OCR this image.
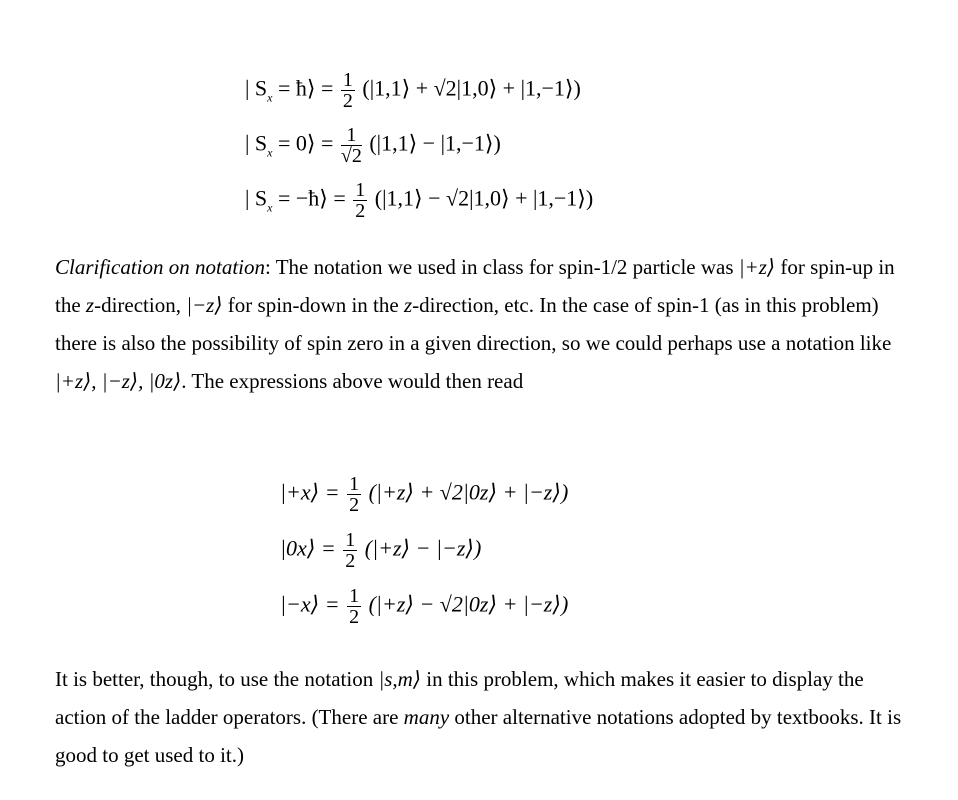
| $S_x$ = ħ⟩ = $\frac{1}{2}$ (|1,1⟩ + √2|1,0⟩ + |1,−1⟩)
| $S_x$ = 0⟩ = $\frac{1}{√2}$ (|1,1⟩ − |1,−1⟩)
| $S_x$ = −ħ⟩ = $\frac{1}{2}$ (|1,1⟩ − √2|1,0⟩ + |1,−1⟩)
Clarification on notation: The notation we used in class for spin-1/2 particle was |+z⟩ for spin-up in the z-direction, |−z⟩ for spin-down in the z-direction, etc. In the case of spin-1 (as in this problem) there is also the possibility of spin zero in a given direction, so we could perhaps use a notation like |+z⟩, |−z⟩, |0z⟩. The expressions above would then read
|+x⟩ = $\frac{1}{2}$ (|+z⟩ + √2|0z⟩ + |−z⟩)
|0x⟩ = $\frac{1}{2}$ (|+z⟩ − |−z⟩)
|−x⟩ = $\frac{1}{2}$ (|+z⟩ − √2|0z⟩ + |−z⟩)
It is better, though, to use the notation |s,m⟩ in this problem, which makes it easier to display the action of the ladder operators. (There are many other alternative notations adopted by textbooks. It is good to get used to it.)
